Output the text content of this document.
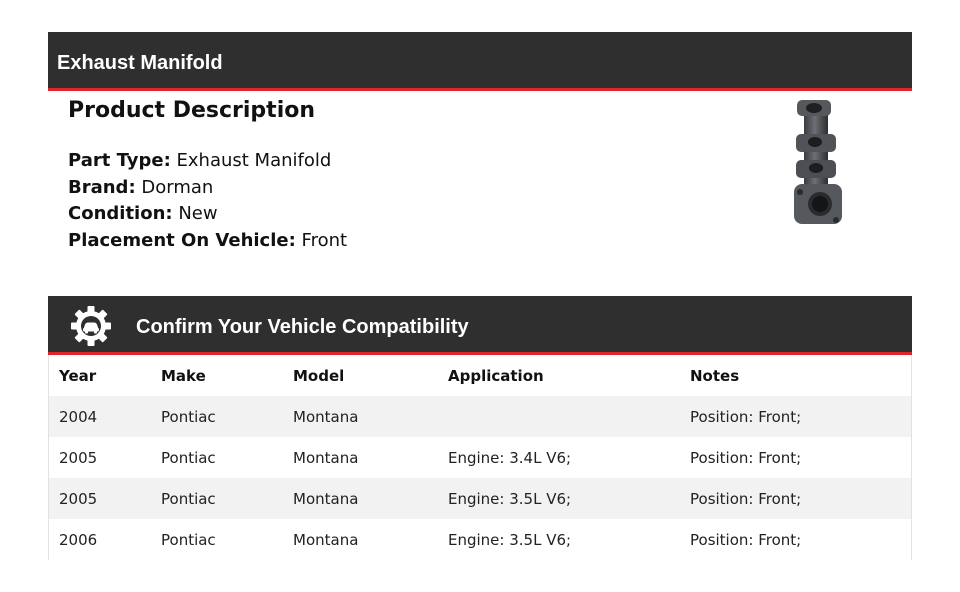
Exhaust Manifold
Product Description
Part Type: Exhaust Manifold
Brand: Dorman
Condition: New
Placement On Vehicle: Front
Confirm Your Vehicle Compatibility
Year	Make	Model	Application	Notes
2004	Pontiac	Montana		Position: Front;
2005	Pontiac	Montana	Engine: 3.4L V6;	Position: Front;
2005	Pontiac	Montana	Engine: 3.5L V6;	Position: Front;
2006	Pontiac	Montana	Engine: 3.5L V6;	Position: Front;
